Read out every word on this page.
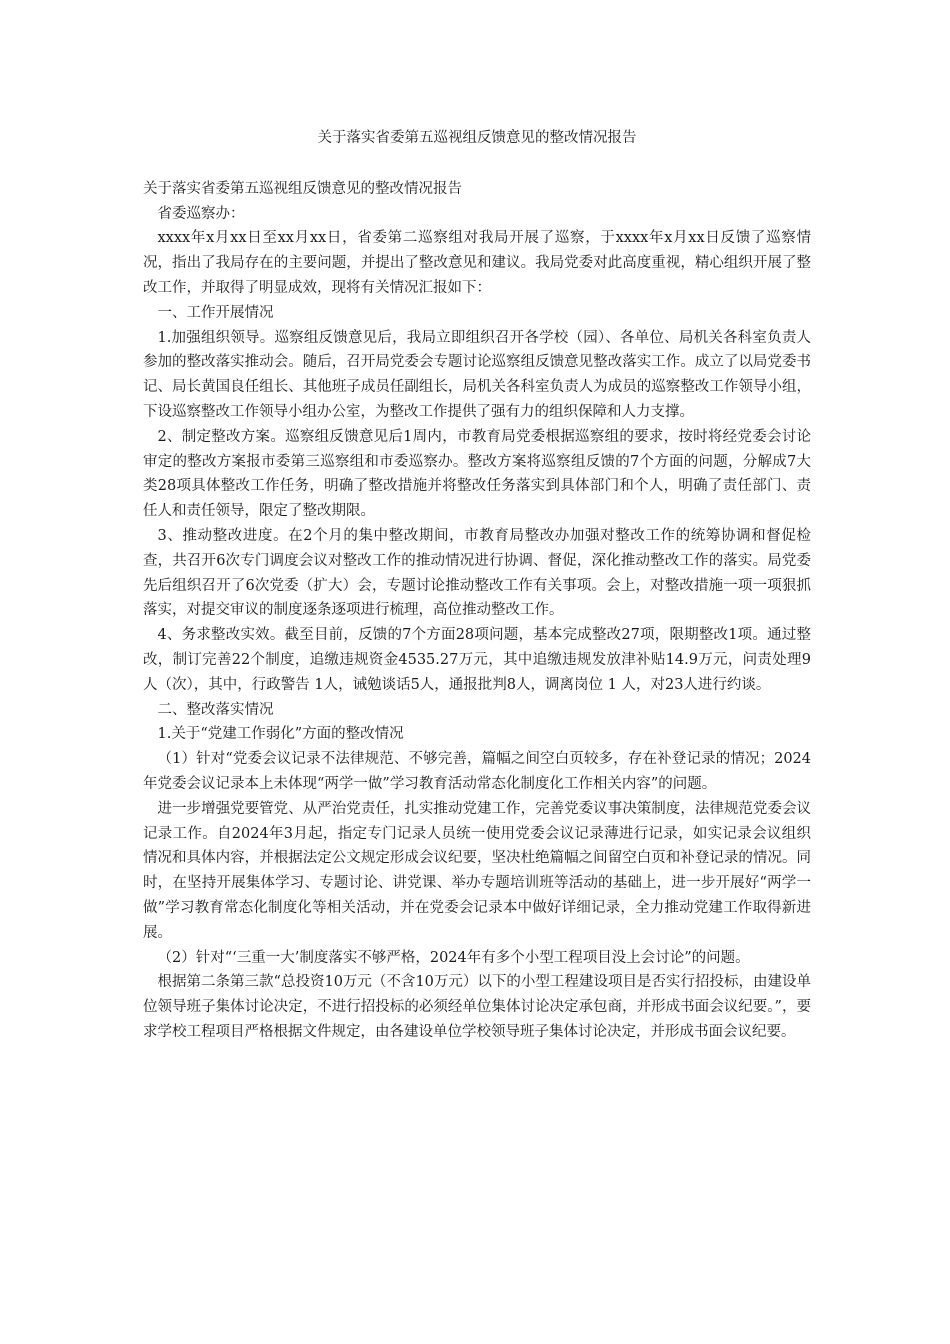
关于落实省委第五巡视组反馈意见的整改情况报告

关于落实省委第五巡视组反馈意见的整改情况报告

省委巡察办：

xxxx年x月xx日至xx月xx日，省委第二巡察组对我局开展了巡察，于xxxx年x月xx日反馈了巡察情况，指出了我局存在的主要问题，并提出了整改意见和建议。我局党委对此高度重视，精心组织开展了整改工作，并取得了明显成效，现将有关情况汇报如下：

一、工作开展情况

1.加强组织领导。巡察组反馈意见后，我局立即组织召开各学校（园）、各单位、局机关各科室负责人参加的整改落实推动会。随后，召开局党委会专题讨论巡察组反馈意见整改落实工作。成立了以局党委书记、局长黄国良任组长、其他班子成员任副组长，局机关各科室负责人为成员的巡察整改工作领导小组，下设巡察整改工作领导小组办公室，为整改工作提供了强有力的组织保障和人力支撑。

2、制定整改方案。巡察组反馈意见后1周内，市教育局党委根据巡察组的要求，按时将经党委会讨论审定的整改方案报市委第三巡察组和市委巡察办。整改方案将巡察组反馈的7个方面的问题，分解成7大类28项具体整改工作任务，明确了整改措施并将整改任务落实到具体部门和个人，明确了责任部门、责任人和责任领导，限定了整改期限。

3、推动整改进度。在2个月的集中整改期间，市教育局整改办加强对整改工作的统筹协调和督促检查，共召开6次专门调度会议对整改工作的推动情况进行协调、督促，深化推动整改工作的落实。局党委先后组织召开了6次党委（扩大）会，专题讨论推动整改工作有关事项。会上，对整改措施一项一项狠抓落实，对提交审议的制度逐条逐项进行梳理，高位推动整改工作。

4、务求整改实效。截至目前，反馈的7个方面28项问题，基本完成整改27项，限期整改1项。通过整改，制订完善22个制度，追缴违规资金4535.27万元，其中追缴违规发放津补贴14.9万元，问责处理9人（次），其中，行政警告 1人，诫勉谈话5人，通报批判8人，调离岗位 1 人，对23人进行约谈。

二、整改落实情况

1.关于“党建工作弱化”方面的整改情况

（1）针对“党委会议记录不法律规范、不够完善，篇幅之间空白页较多，存在补登记录的情况；2024年党委会议记录本上未体现“两学一做”学习教育活动常态化制度化工作相关内容”的问题。

进一步增强党要管党、从严治党责任，扎实推动党建工作，完善党委议事决策制度，法律规范党委会议记录工作。自2024年3月起，指定专门记录人员统一使用党委会议记录薄进行记录，如实记录会议组织情况和具体内容，并根据法定公文规定形成会议纪要，坚决杜绝篇幅之间留空白页和补登记录的情况。同时，在坚持开展集体学习、专题讨论、讲党课、举办专题培训班等活动的基础上，进一步开展好“两学一做”学习教育常态化制度化等相关活动，并在党委会记录本中做好详细记录，全力推动党建工作取得新进展。

（2）针对“‘三重一大’制度落实不够严格，2024年有多个小型工程项目没上会讨论”的问题。

根据第二条第三款“总投资10万元（不含10万元）以下的小型工程建设项目是否实行招投标，由建设单位领导班子集体讨论决定，不进行招投标的必须经单位集体讨论决定承包商，并形成书面会议纪要。”，要求学校工程项目严格根据文件规定，由各建设单位学校领导班子集体讨论决定，并形成书面会议纪要。
